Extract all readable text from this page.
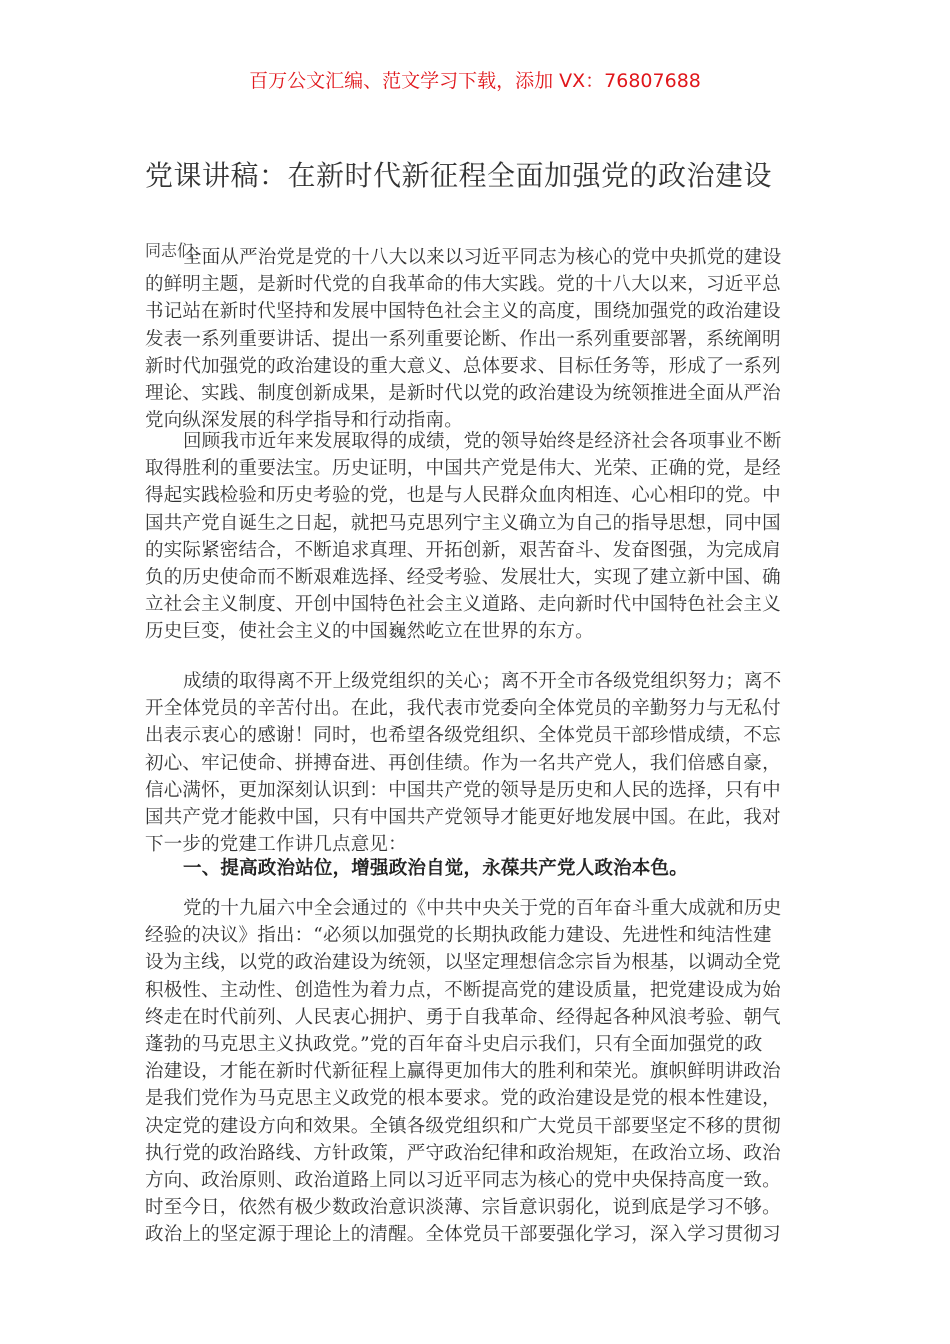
百万公文汇编、范文学习下载，添加 VX：76807688
党课讲稿：在新时代新征程全面加强党的政治建设
同志们：
全面从严治党是党的十八大以来以习近平同志为核心的党中央抓党的建设
的鲜明主题，是新时代党的自我革命的伟大实践。党的十八大以来，习近平总
书记站在新时代坚持和发展中国特色社会主义的高度，围绕加强党的政治建设
发表一系列重要讲话、提出一系列重要论断、作出一系列重要部署，系统阐明
新时代加强党的政治建设的重大意义、总体要求、目标任务等，形成了一系列
理论、实践、制度创新成果，是新时代以党的政治建设为统领推进全面从严治
党向纵深发展的科学指导和行动指南。
回顾我市近年来发展取得的成绩，党的领导始终是经济社会各项事业不断
取得胜利的重要法宝。历史证明，中国共产党是伟大、光荣、正确的党，是经
得起实践检验和历史考验的党，也是与人民群众血肉相连、心心相印的党。中
国共产党自诞生之日起，就把马克思列宁主义确立为自己的指导思想，同中国
的实际紧密结合，不断追求真理、开拓创新，艰苦奋斗、发奋图强，为完成肩
负的历史使命而不断艰难选择、经受考验、发展壮大，实现了建立新中国、确
立社会主义制度、开创中国特色社会主义道路、走向新时代中国特色社会主义
历史巨变，使社会主义的中国巍然屹立在世界的东方。
成绩的取得离不开上级党组织的关心；离不开全市各级党组织努力；离不
开全体党员的辛苦付出。在此，我代表市党委向全体党员的辛勤努力与无私付
出表示衷心的感谢！同时，也希望各级党组织、全体党员干部珍惜成绩，不忘
初心、牢记使命、拼搏奋进、再创佳绩。作为一名共产党人，我们倍感自豪，
信心满怀，更加深刻认识到：中国共产党的领导是历史和人民的选择，只有中
国共产党才能救中国，只有中国共产党领导才能更好地发展中国。在此，我对
下一步的党建工作讲几点意见：
一、提高政治站位，增强政治自觉，永葆共产党人政治本色。
党的十九届六中全会通过的《中共中央关于党的百年奋斗重大成就和历史
经验的决议》指出：“必须以加强党的长期执政能力建设、先进性和纯洁性建
设为主线，以党的政治建设为统领，以坚定理想信念宗旨为根基，以调动全党
积极性、主动性、创造性为着力点，不断提高党的建设质量，把党建设成为始
终走在时代前列、人民衷心拥护、勇于自我革命、经得起各种风浪考验、朝气
蓬勃的马克思主义执政党。”党的百年奋斗史启示我们，只有全面加强党的政
治建设，才能在新时代新征程上赢得更加伟大的胜利和荣光。旗帜鲜明讲政治
是我们党作为马克思主义政党的根本要求。党的政治建设是党的根本性建设，
决定党的建设方向和效果。全镇各级党组织和广大党员干部要坚定不移的贯彻
执行党的政治路线、方针政策，严守政治纪律和政治规矩，在政治立场、政治
方向、政治原则、政治道路上同以习近平同志为核心的党中央保持高度一致。
时至今日，依然有极少数政治意识淡薄、宗旨意识弱化，说到底是学习不够。
政治上的坚定源于理论上的清醒。全体党员干部要强化学习，深入学习贯彻习
